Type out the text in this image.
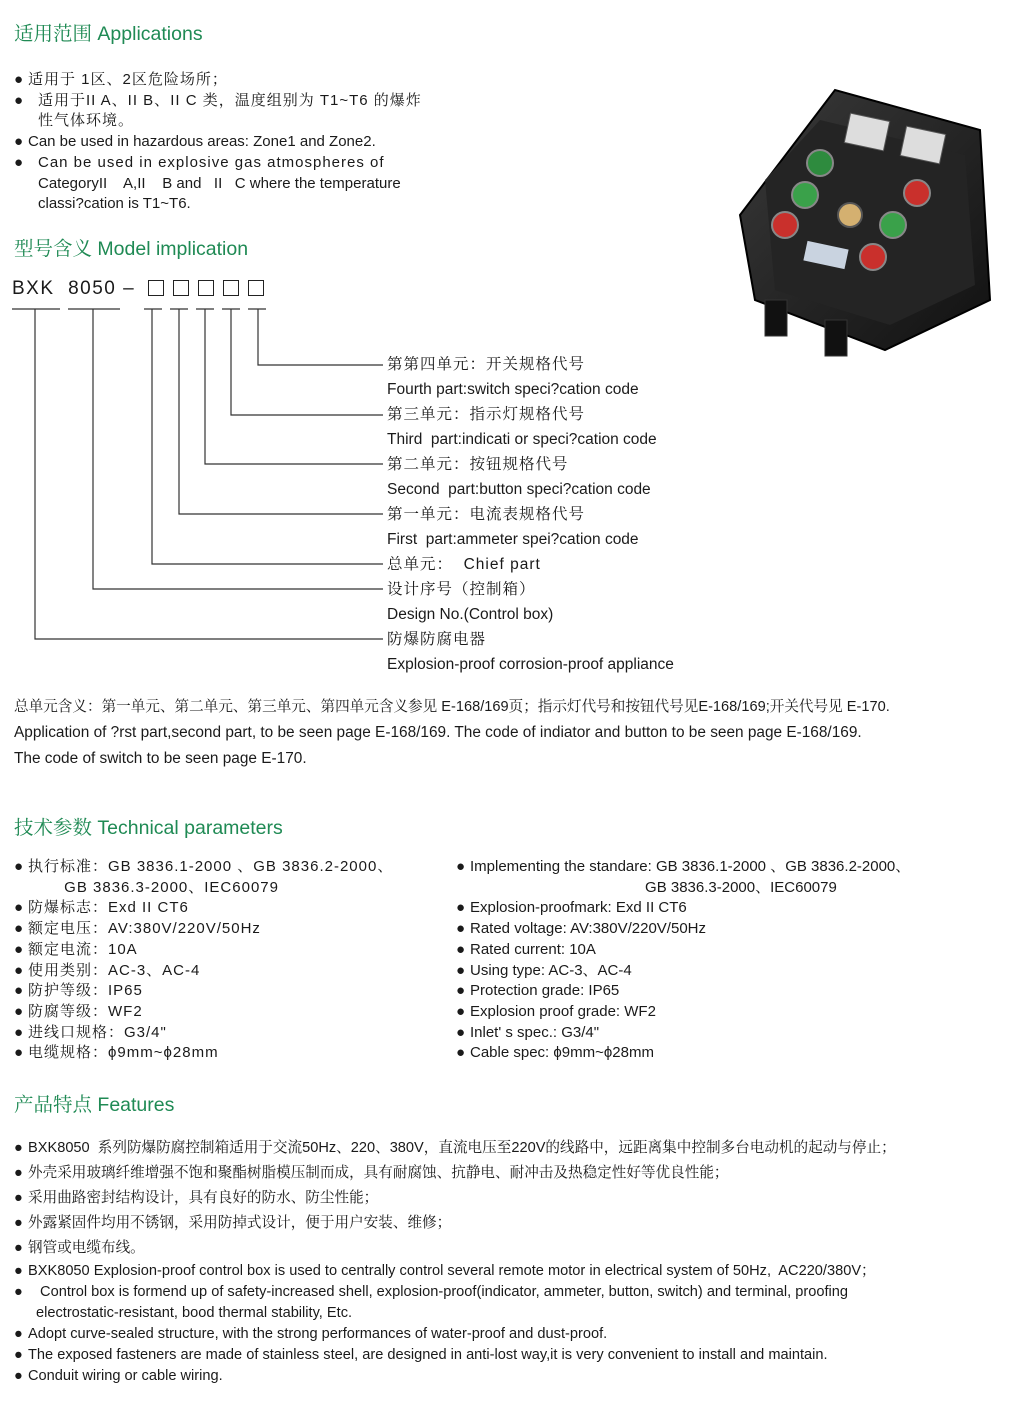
适用范围 Applications
● 适用于 1区、2区危险场所；
● 适用于II A、II B、II C 类，温度组别为 T1~T6 的爆炸
性气体环境。
● Can be used in hazardous areas: Zone1 and Zone2.
● Can be used in explosive gas atmospheres of
CategoryII    A,II    B and   II   C where the temperature
classi?cation is T1~T6.
型号含义 Model implication
BXK  8050 –
第第四单元：开关规格代号
Fourth part:switch speci?cation code
第三单元：指示灯规格代号
Third  part:indicati or speci?cation code
第二单元：按钮规格代号
Second  part:button speci?cation code
第一单元：电流表规格代号
First  part:ammeter spei?cation code
总单元：  Chief part
设计序号（控制箱）
Design No.(Control box)
防爆防腐电器
Explosion-proof corrosion-proof appliance
总单元含义：第一单元、第二单元、第三单元、第四单元含义参见 E-168/169页；指示灯代号和按钮代号见E-168/169;开关代号见 E-170.
Application of ?rst part,second part, to be seen page E-168/169. The code of indiator and button to be seen page E-168/169.
The code of switch to be seen page E-170.
技术参数 Technical parameters
● 执行标准：GB 3836.1-2000 、GB 3836.2-2000、
GB 3836.3-2000、IEC60079
● 防爆标志：Exd II CT6
● 额定电压：AV:380V/220V/50Hz
● 额定电流：10A
● 使用类别：AC-3、AC-4
● 防护等级：IP65
● 防腐等级：WF2
● 进线口规格：G3/4"
● 电缆规格：ϕ9mm~ϕ28mm
● Implementing the standare: GB 3836.1-2000 、GB 3836.2-2000、
GB 3836.3-2000、IEC60079
● Explosion-proofmark: Exd II CT6
● Rated voltage: AV:380V/220V/50Hz
● Rated current: 10A
● Using type: AC-3、AC-4
● Protection grade: IP65
● Explosion proof grade: WF2
● Inlet' s spec.: G3/4"
● Cable spec: ϕ9mm~ϕ28mm
产品特点 Features
● BXK8050  系列防爆防腐控制箱适用于交流50Hz、220、380V，直流电压至220V的线路中，远距离集中控制多台电动机的起动与停止；
● 外壳采用玻璃纤维增强不饱和聚酯树脂模压制而成，具有耐腐蚀、抗静电、耐冲击及热稳定性好等优良性能；
● 采用曲路密封结构设计，具有良好的防水、防尘性能；
● 外露紧固件均用不锈钢，采用防掉式设计，便于用户安装、维修；
● 钢管或电缆布线。
● BXK8050 Explosion-proof control box is used to centrally control several remote motor in electrical system of 50Hz,  AC220/380V；
● Control box is formend up of safety-increased shell, explosion-proof(indicator, ammeter, button, switch) and terminal, proofing
electrostatic-resistant, bood thermal stability, Etc.
● Adopt curve-sealed structure, with the strong performances of water-proof and dust-proof.
● The exposed fasteners are made of stainless steel, are designed in anti-lost way,it is very convenient to install and maintain.
● Conduit wiring or cable wiring.
